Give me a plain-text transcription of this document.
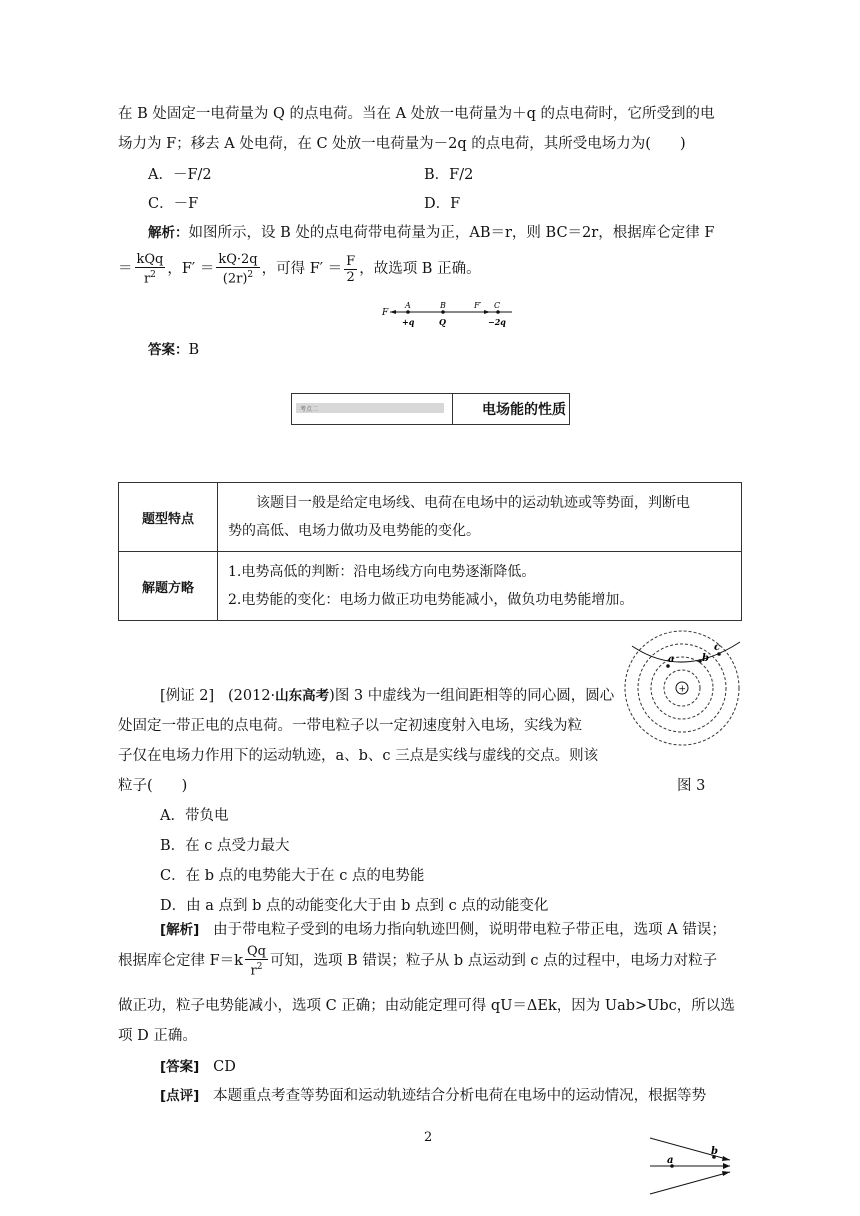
在 B 处固定一电荷量为 Q 的点电荷。当在 A 处放一电荷量为＋q 的点电荷时，它所受到的电
场力为 F；移去 A 处电荷，在 C 处放一电荷量为－2q 的点电荷，其所受电场力为(　　)
A．－F/2	B．F/2
C．－F	D．F
解析：如图所示，设 B 处的点电荷带电荷量为正，AB＝r，则 BC＝2r，根据库仑定律 F
＝ $\frac{\text{kQq}}{r^2}$ ，$F' = \frac{kQ\cdot 2q}{(2r)^2}$ ，可得 $F' = \frac{F}{2}$ ，故选项 B 正确。
F
A	B	F′ C
+q	Q	−2q
答案：B
考点二	电场能的性质
题型特点	　　该题目一般是给定电场线、电荷在电场中的运动轨迹或等势面，判断电
势的高低、电场力做功及电势能的变化。

解题方略	1.电势高低的判断：沿电场线方向电势逐渐降低。
2.电势能的变化：电场力做正功电势能减小，做负功电势能增加。
[例证 2] (2012·山东高考)图 3 中虚线为一组间距相等的同心圆，圆心
处固定一带正电的点电荷。一带电粒子以一定初速度射入电场，实线为粒
子仅在电场力作用下的运动轨迹，a、b、c 三点是实线与虚线的交点。则该
粒子(　　)
A．带负电
B．在 c 点受力最大
C．在 b 点的电势能大于在 c 点的电势能
D．由 a 点到 b 点的动能变化大于由 b 点到 c 点的动能变化
+
a	b
c
图 3
[解析] 由于带电粒子受到的电场力指向轨迹凹侧，说明带电粒子带正电，选项 A 错误；
根据库仑定律 $F=k \frac{Qq}{r^2}$ 可知，选项 B 错误；粒子从 b 点运动到 c 点的过程中，电场力对粒子
做正功，粒子电势能减小，选项 C 正确；由动能定理可得 qU＝ΔEk，因为 Uab>Ubc，所以选
项 D 正确。
[答案] CD
[点评] 本题重点考查等势面和运动轨迹结合分析电荷在电场中的运动情况，根据等势
2
a
b
